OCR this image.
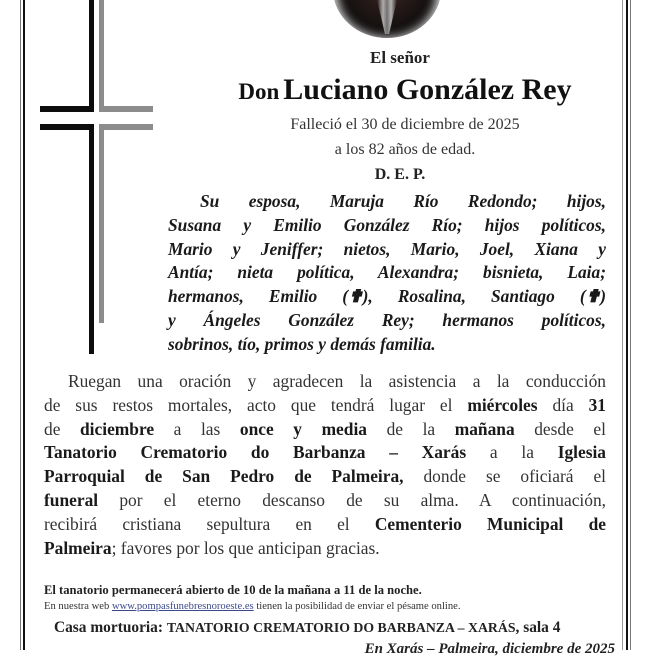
El señor
Don Luciano González Rey
Falleció el 30 de diciembre de 2025
a los 82 años de edad.
D. E. P.
Su esposa, Maruja Río Redondo; hijos,
Susana y Emilio González Río; hijos políticos,
Mario y Jeniffer; nietos, Mario, Joel, Xiana y
Antía; nieta política, Alexandra; bisnieta, Laia;
hermanos, Emilio (✟), Rosalina, Santiago (✟)
y Ángeles González Rey; hermanos políticos,
sobrinos, tío, primos y demás familia.
Ruegan una oración y agradecen la asistencia a la conducción
de sus restos mortales, acto que tendrá lugar el miércoles día 31
de diciembre a las once y media de la mañana desde el
Tanatorio Crematorio do Barbanza – Xarás a la Iglesia
Parroquial de San Pedro de Palmeira, donde se oficiará el
funeral por el eterno descanso de su alma. A continuación,
recibirá cristiana sepultura en el Cementerio Municipal de
Palmeira; favores por los que anticipan gracias.
El tanatorio permanecerá abierto de 10 de la mañana a 11 de la noche.
En nuestra web www.pompasfunebresnoroeste.es tienen la posibilidad de enviar el pésame online.
Casa mortuoria: TANATORIO CREMATORIO DO BARBANZA – XARÁS, sala 4
En Xarás – Palmeira, diciembre de 2025
